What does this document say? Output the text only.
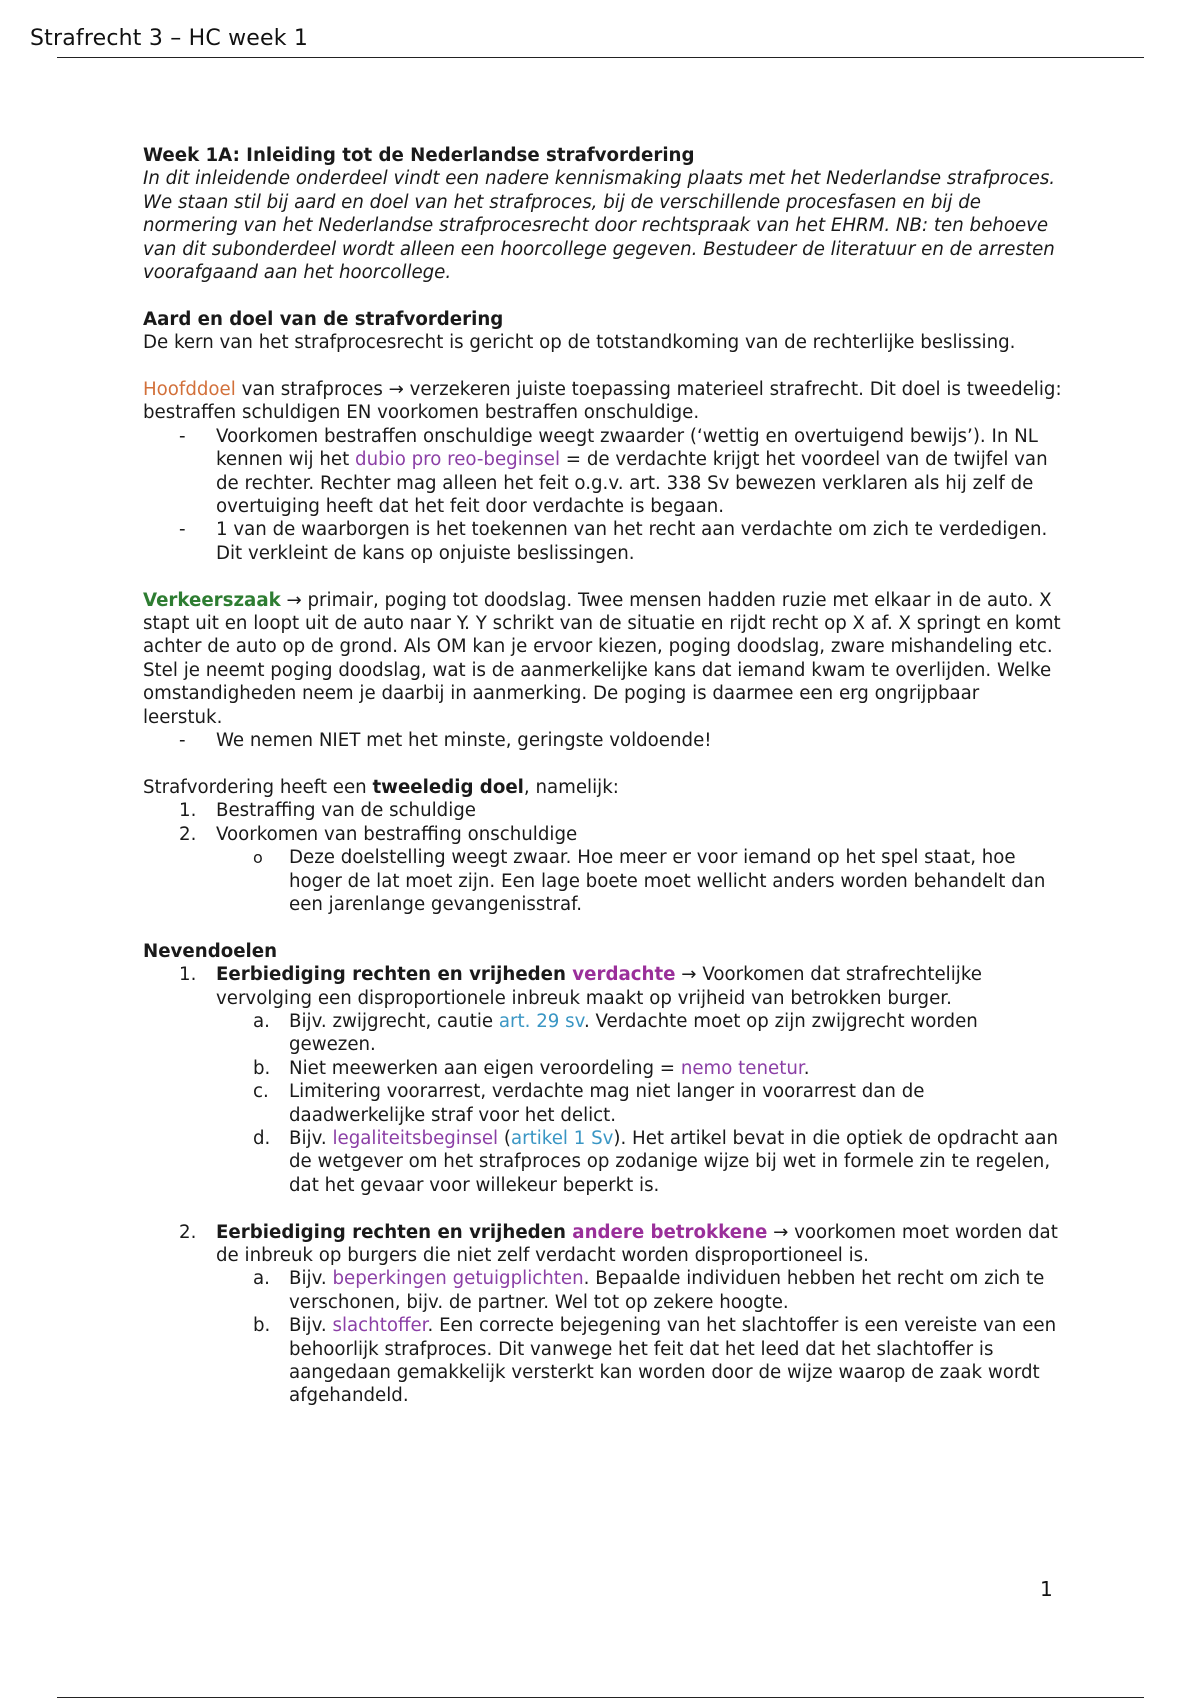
Strafrecht 3 – HC week 1

Week 1A: Inleiding tot de Nederlandse strafvordering

In dit inleidende onderdeel vindt een nadere kennismaking plaats met het Nederlandse strafproces. We staan stil bij aard en doel van het strafproces, bij de verschillende procesfasen en bij de normering van het Nederlandse strafprocesrecht door rechtspraak van het EHRM. NB: ten behoeve van dit subonderdeel wordt alleen een hoorcollege gegeven. Bestudeer de literatuur en de arresten voorafgaand aan het hoorcollege.

Aard en doel van de strafvordering

De kern van het strafprocesrecht is gericht op de totstandkoming van de rechterlijke beslissing.

Hoofddoel van strafproces → verzekeren juiste toepassing materieel strafrecht. Dit doel is tweedelig: bestraffen schuldigen EN voorkomen bestraffen onschuldige.

- Voorkomen bestraffen onschuldige weegt zwaarder (‘wettig en overtuigend bewijs’). In NL kennen wij het dubio pro reo-beginsel = de verdachte krijgt het voordeel van de twijfel van de rechter. Rechter mag alleen het feit o.g.v. art. 338 Sv bewezen verklaren als hij zelf de overtuiging heeft dat het feit door verdachte is begaan.
- 1 van de waarborgen is het toekennen van het recht aan verdachte om zich te verdedigen. Dit verkleint de kans op onjuiste beslissingen.

Verkeerszaak → primair, poging tot doodslag. Twee mensen hadden ruzie met elkaar in de auto. X stapt uit en loopt uit de auto naar Y. Y schrikt van de situatie en rijdt recht op X af. X springt en komt achter de auto op de grond. Als OM kan je ervoor kiezen, poging doodslag, zware mishandeling etc. Stel je neemt poging doodslag, wat is de aanmerkelijke kans dat iemand kwam te overlijden. Welke omstandigheden neem je daarbij in aanmerking. De poging is daarmee een erg ongrijpbaar leerstuk.

- We nemen NIET met het minste, geringste voldoende!

Strafvordering heeft een tweeledig doel, namelijk:

1. Bestraffing van de schuldige
2. Voorkomen van bestraffing onschuldige
o Deze doelstelling weegt zwaar. Hoe meer er voor iemand op het spel staat, hoe hoger de lat moet zijn. Een lage boete moet wellicht anders worden behandelt dan een jarenlange gevangenisstraf.

Nevendoelen

1. Eerbiediging rechten en vrijheden verdachte → Voorkomen dat strafrechtelijke vervolging een disproportionele inbreuk maakt op vrijheid van betrokken burger.
a. Bijv. zwijgrecht, cautie art. 29 sv. Verdachte moet op zijn zwijgrecht worden gewezen.
b. Niet meewerken aan eigen veroordeling = nemo tenetur.
c. Limitering voorarrest, verdachte mag niet langer in voorarrest dan de daadwerkelijke straf voor het delict.
d. Bijv. legaliteitsbeginsel (artikel 1 Sv). Het artikel bevat in die optiek de opdracht aan de wetgever om het strafproces op zodanige wijze bij wet in formele zin te regelen, dat het gevaar voor willekeur beperkt is.
2. Eerbiediging rechten en vrijheden andere betrokkene → voorkomen moet worden dat de inbreuk op burgers die niet zelf verdacht worden disproportioneel is.
a. Bijv. beperkingen getuigplichten. Bepaalde individuen hebben het recht om zich te verschonen, bijv. de partner. Wel tot op zekere hoogte.
b. Bijv. slachtoffer. Een correcte bejegening van het slachtoffer is een vereiste van een behoorlijk strafproces. Dit vanwege het feit dat het leed dat het slachtoffer is aangedaan gemakkelijk versterkt kan worden door de wijze waarop de zaak wordt afgehandeld.
1
